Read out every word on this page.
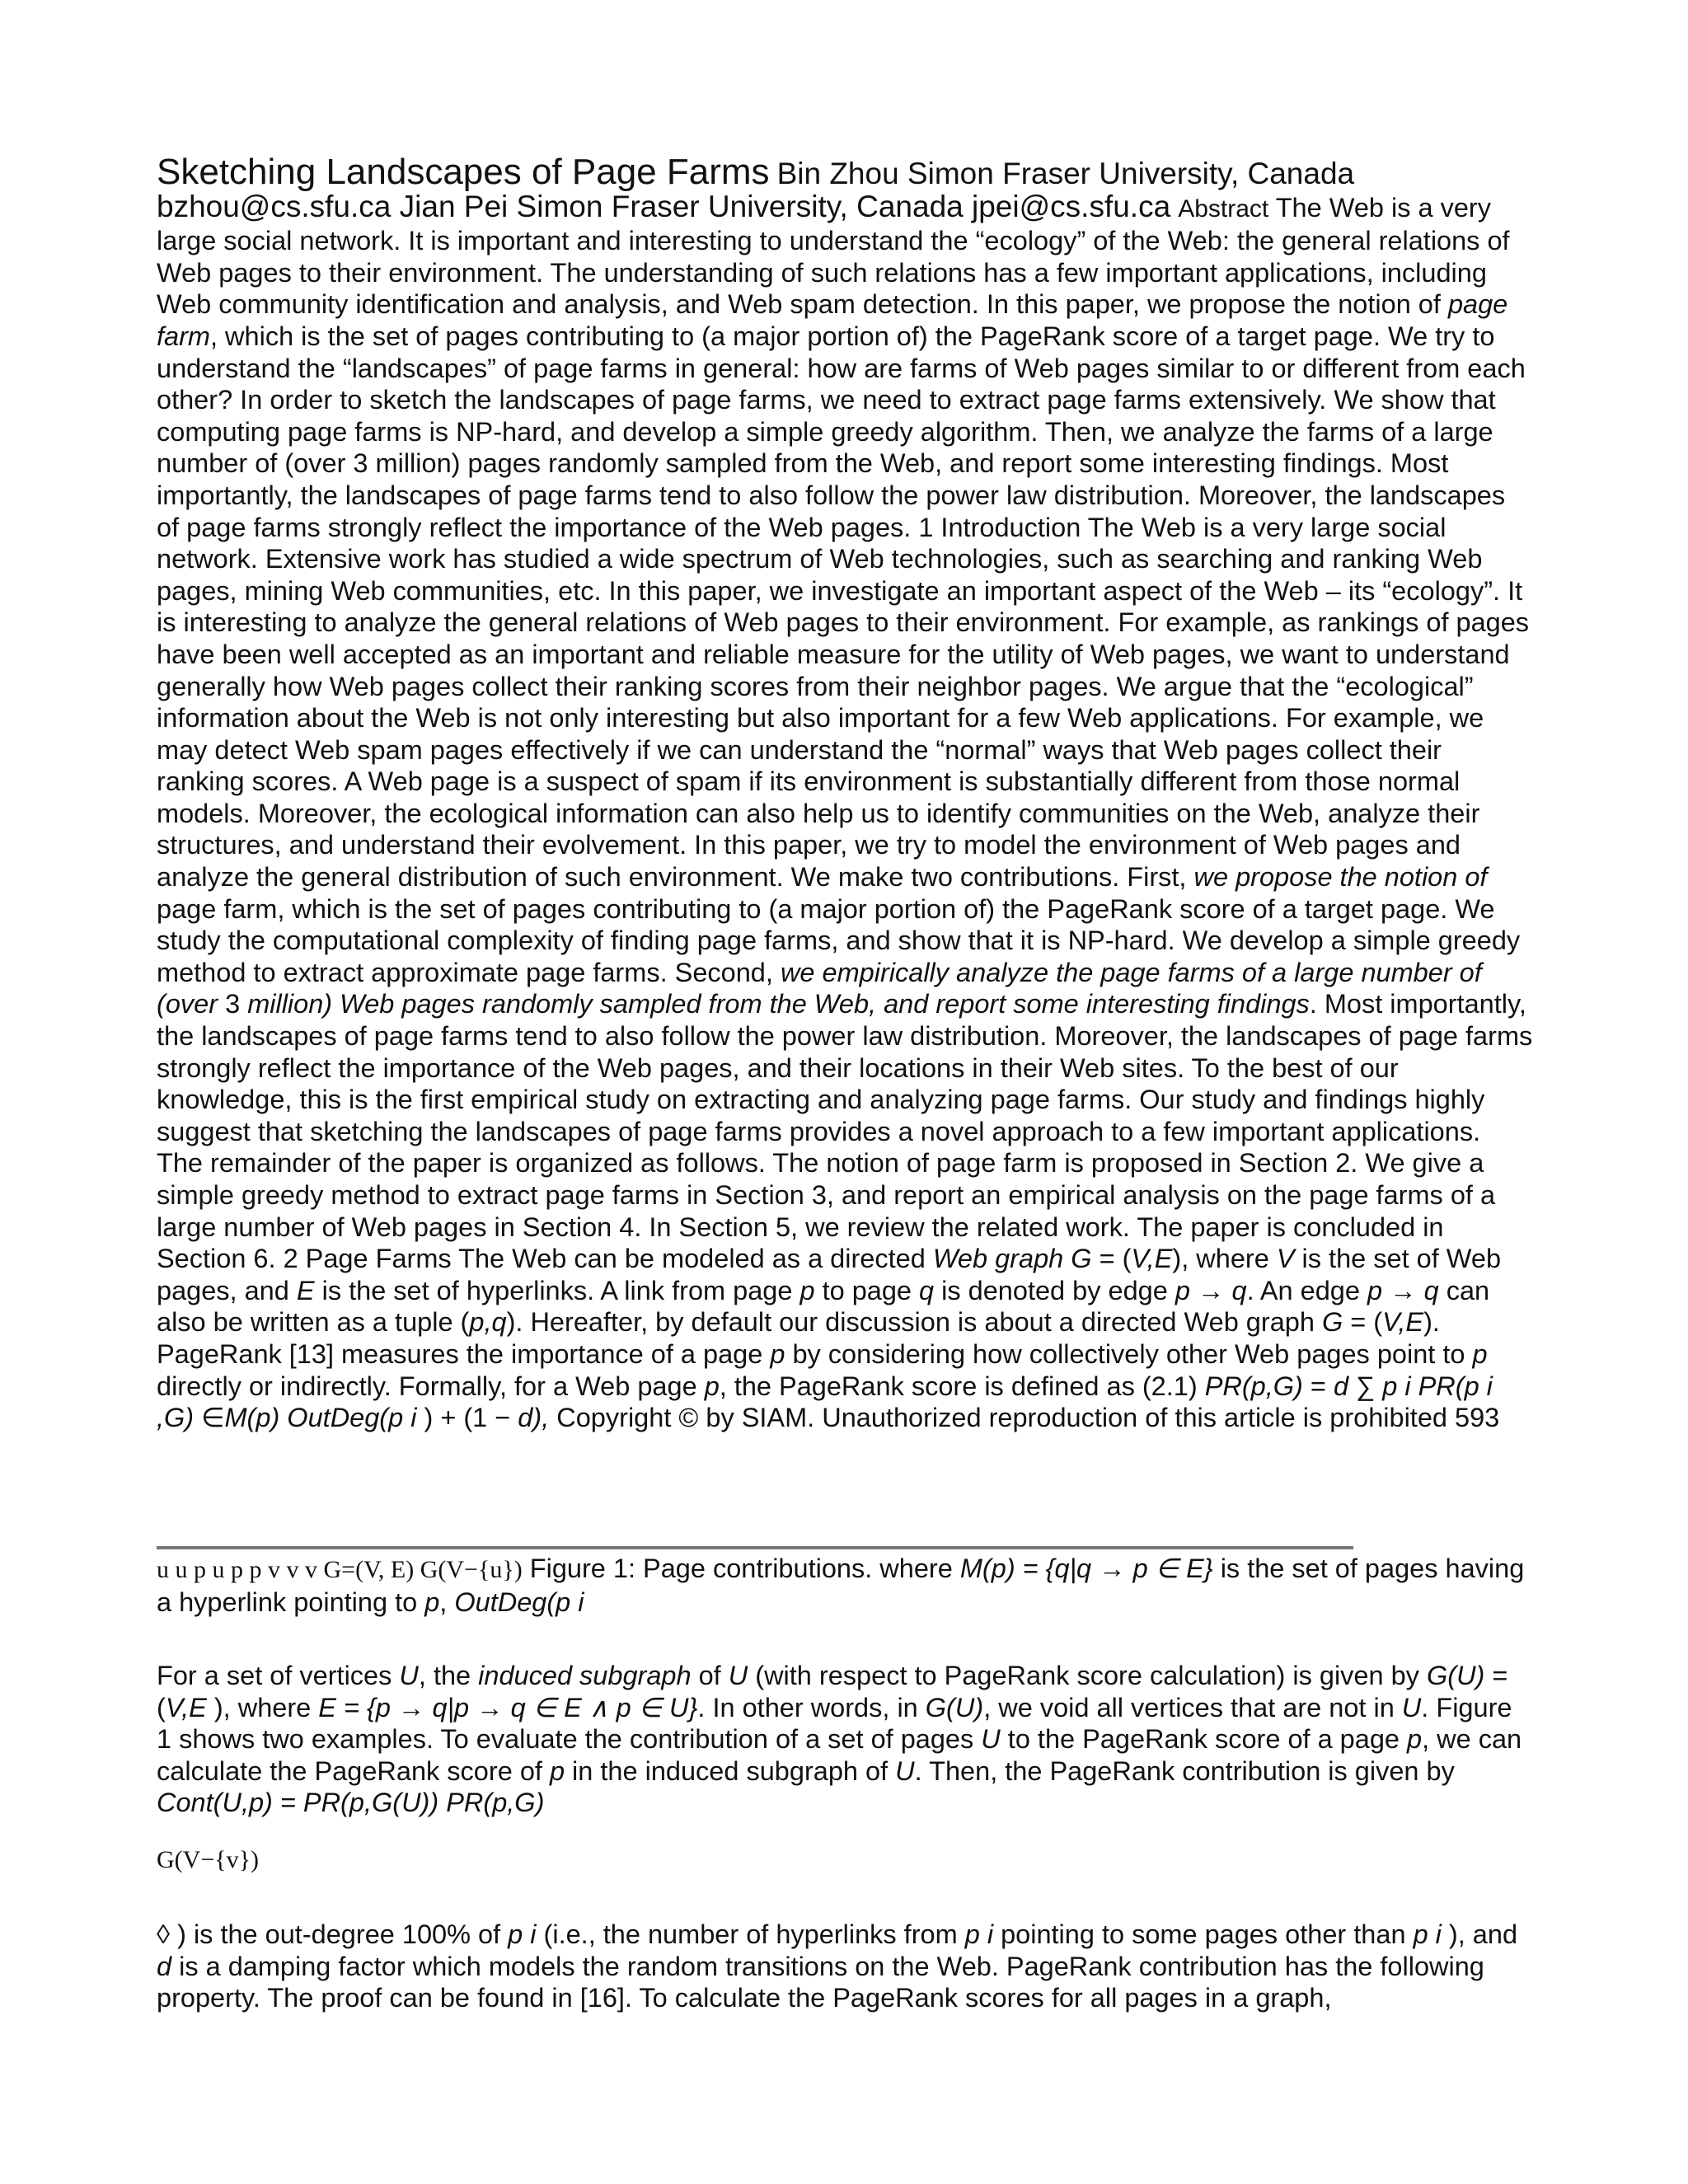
Sketching Landscapes of Page Farms Bin Zhou Simon Fraser University, Canada bzhou@cs.sfu.ca Jian Pei Simon Fraser University, Canada jpei@cs.sfu.ca Abstract The Web is a very large social network. It is important and interesting to understand the “ecology” of the Web: the general relations of Web pages to their environment. The understanding of such relations has a few important applications, including Web community identification and analysis, and Web spam detection. In this paper, we propose the notion of page farm, which is the set of pages contributing to (a major portion of) the PageRank score of a target page. We try to understand the “landscapes” of page farms in general: how are farms of Web pages similar to or different from each other? In order to sketch the landscapes of page farms, we need to extract page farms extensively. We show that computing page farms is NP-hard, and develop a simple greedy algorithm. Then, we analyze the farms of a large number of (over 3 million) pages randomly sampled from the Web, and report some interesting findings. Most importantly, the landscapes of page farms tend to also follow the power law distribution. Moreover, the landscapes of page farms strongly reflect the importance of the Web pages. 1 Introduction The Web is a very large social network. Extensive work has studied a wide spectrum of Web technologies, such as searching and ranking Web pages, mining Web communities, etc. In this paper, we investigate an important aspect of the Web – its “ecology”. It is interesting to analyze the general relations of Web pages to their environment. For example, as rankings of pages have been well accepted as an important and reliable measure for the utility of Web pages, we want to understand generally how Web pages collect their ranking scores from their neighbor pages. We argue that the “ecological” information about the Web is not only interesting but also important for a few Web applications. For example, we may detect Web spam pages effectively if we can understand the “normal” ways that Web pages collect their ranking scores. A Web page is a suspect of spam if its environment is substantially different from those normal models. Moreover, the ecological information can also help us to identify communities on the Web, analyze their structures, and understand their evolvement. In this paper, we try to model the environment of Web pages and analyze the general distribution of such environment. We make two contributions. First, we propose the notion of page farm, which is the set of pages contributing to (a major portion of) the PageRank score of a target page. We study the computational complexity of finding page farms, and show that it is NP-hard. We develop a simple greedy method to extract approximate page farms. Second, we empirically analyze the page farms of a large number of (over 3 million) Web pages randomly sampled from the Web, and report some interesting findings. Most importantly, the landscapes of page farms tend to also follow the power law distribution. Moreover, the landscapes of page farms strongly reflect the importance of the Web pages, and their locations in their Web sites. To the best of our knowledge, this is the first empirical study on extracting and analyzing page farms. Our study and findings highly suggest that sketching the landscapes of page farms provides a novel approach to a few important applications. The remainder of the paper is organized as follows. The notion of page farm is proposed in Section 2. We give a simple greedy method to extract page farms in Section 3, and report an empirical analysis on the page farms of a large number of Web pages in Section 4. In Section 5, we review the related work. The paper is concluded in Section 6. 2 Page Farms The Web can be modeled as a directed Web graph G = (V,E), where V is the set of Web pages, and E is the set of hyperlinks. A link from page p to page q is denoted by edge p → q. An edge p → q can also be written as a tuple (p,q). Hereafter, by default our discussion is about a directed Web graph G = (V,E). PageRank [13] measures the importance of a page p by considering how collectively other Web pages point to p directly or indirectly. Formally, for a Web page p, the PageRank score is defined as (2.1) PR(p,G) = d ∑ p i PR(p i ,G) ∈M(p) OutDeg(p i ) + (1 − d), Copyright © by SIAM. Unauthorized reproduction of this article is prohibited 593

u u p u p p v v v G=(V, E) G(V−{u}) Figure 1: Page contributions. where M(p) = {q|q → p ∈ E} is the set of pages having a hyperlink pointing to p, OutDeg(p i

For a set of vertices U, the induced subgraph of U (with respect to PageRank score calculation) is given by G(U) = (V,E ), where E = {p → q|p → q ∈ E ∧ p ∈ U}. In other words, in G(U), we void all vertices that are not in U. Figure 1 shows two examples. To evaluate the contribution of a set of pages U to the PageRank score of a page p, we can calculate the PageRank score of p in the induced subgraph of U. Then, the PageRank contribution is given by Cont(U,p) = PR(p,G(U)) PR(p,G)

G(V−{v})

◊ ) is the out-degree 100% of p i (i.e., the number of hyperlinks from p i pointing to some pages other than p i ), and d is a damping factor which models the random transitions on the Web. PageRank contribution has the following property. The proof can be found in [16]. To calculate the PageRank scores for all pages in a graph,
